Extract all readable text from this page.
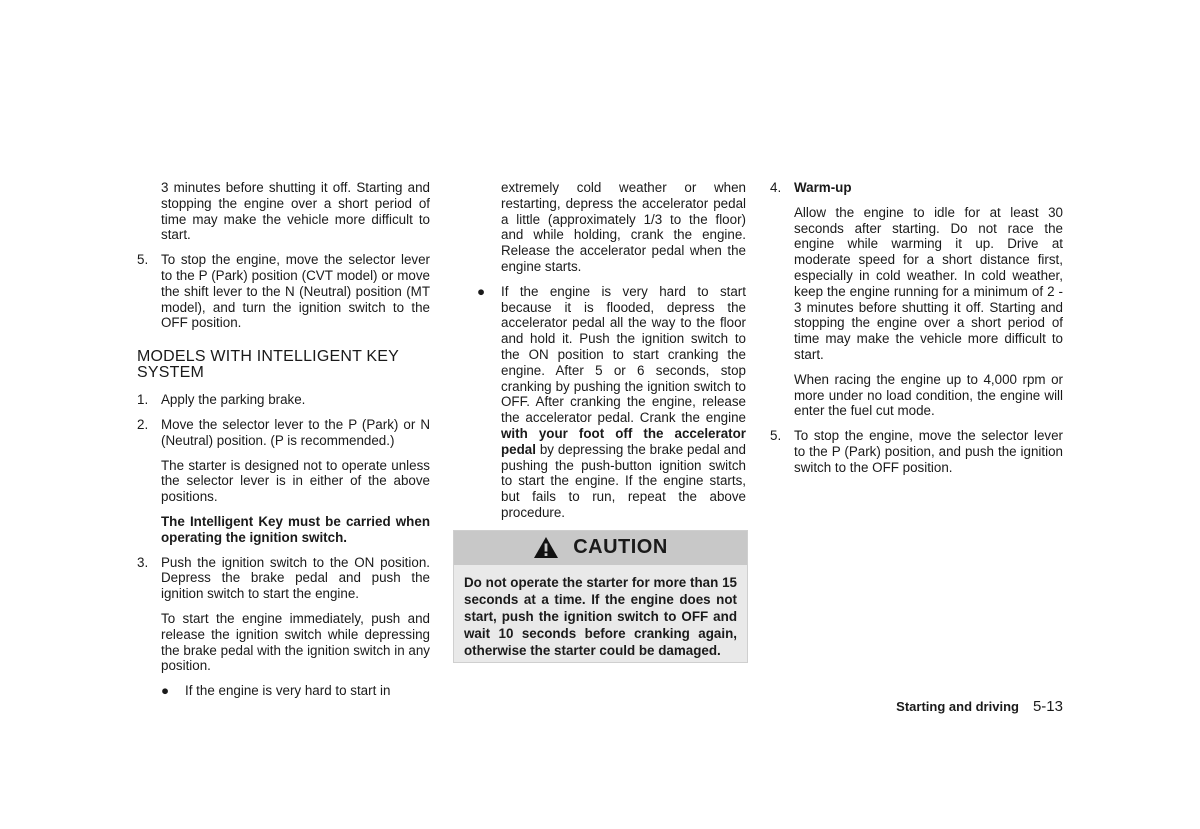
3 minutes before shutting it off. Starting and stopping the engine over a short period of time may make the vehicle more difficult to start.

5. To stop the engine, move the selector lever to the P (Park) position (CVT model) or move the shift lever to the N (Neutral) position (MT model), and turn the ignition switch to the OFF position.
MODELS WITH INTELLIGENT KEY SYSTEM
1. Apply the parking brake.
2. Move the selector lever to the P (Park) or N (Neutral) position. (P is recommended.)

The starter is designed not to operate unless the selector lever is in either of the above positions.

The Intelligent Key must be carried when operating the ignition switch.

3. Push the ignition switch to the ON position. Depress the brake pedal and push the ignition switch to start the engine.

To start the engine immediately, push and release the ignition switch while depressing the brake pedal with the ignition switch in any position.

● If the engine is very hard to start in

extremely cold weather or when restarting, depress the accelerator pedal a little (approximately 1/3 to the floor) and while holding, crank the engine. Release the accelerator pedal when the engine starts.

● If the engine is very hard to start because it is flooded, depress the accelerator pedal all the way to the floor and hold it. Push the ignition switch to the ON position to start cranking the engine. After 5 or 6 seconds, stop cranking by pushing the ignition switch to OFF. After cranking the engine, release the accelerator pedal. Crank the engine with your foot off the accelerator pedal by depressing the brake pedal and pushing the push-button ignition switch to start the engine. If the engine starts, but fails to run, repeat the above procedure.
CAUTION
Do not operate the starter for more than 15 seconds at a time. If the engine does not start, push the ignition switch to OFF and wait 10 seconds before cranking again, otherwise the starter could be damaged.
4. Warm-up

Allow the engine to idle for at least 30 seconds after starting. Do not race the engine while warming it up. Drive at moderate speed for a short distance first, especially in cold weather. In cold weather, keep the engine running for a minimum of 2 - 3 minutes before shutting it off. Starting and stopping the engine over a short period of time may make the vehicle more difficult to start.

When racing the engine up to 4,000 rpm or more under no load condition, the engine will enter the fuel cut mode.

5. To stop the engine, move the selector lever to the P (Park) position, and push the ignition switch to the OFF position.
Starting and driving 5-13
